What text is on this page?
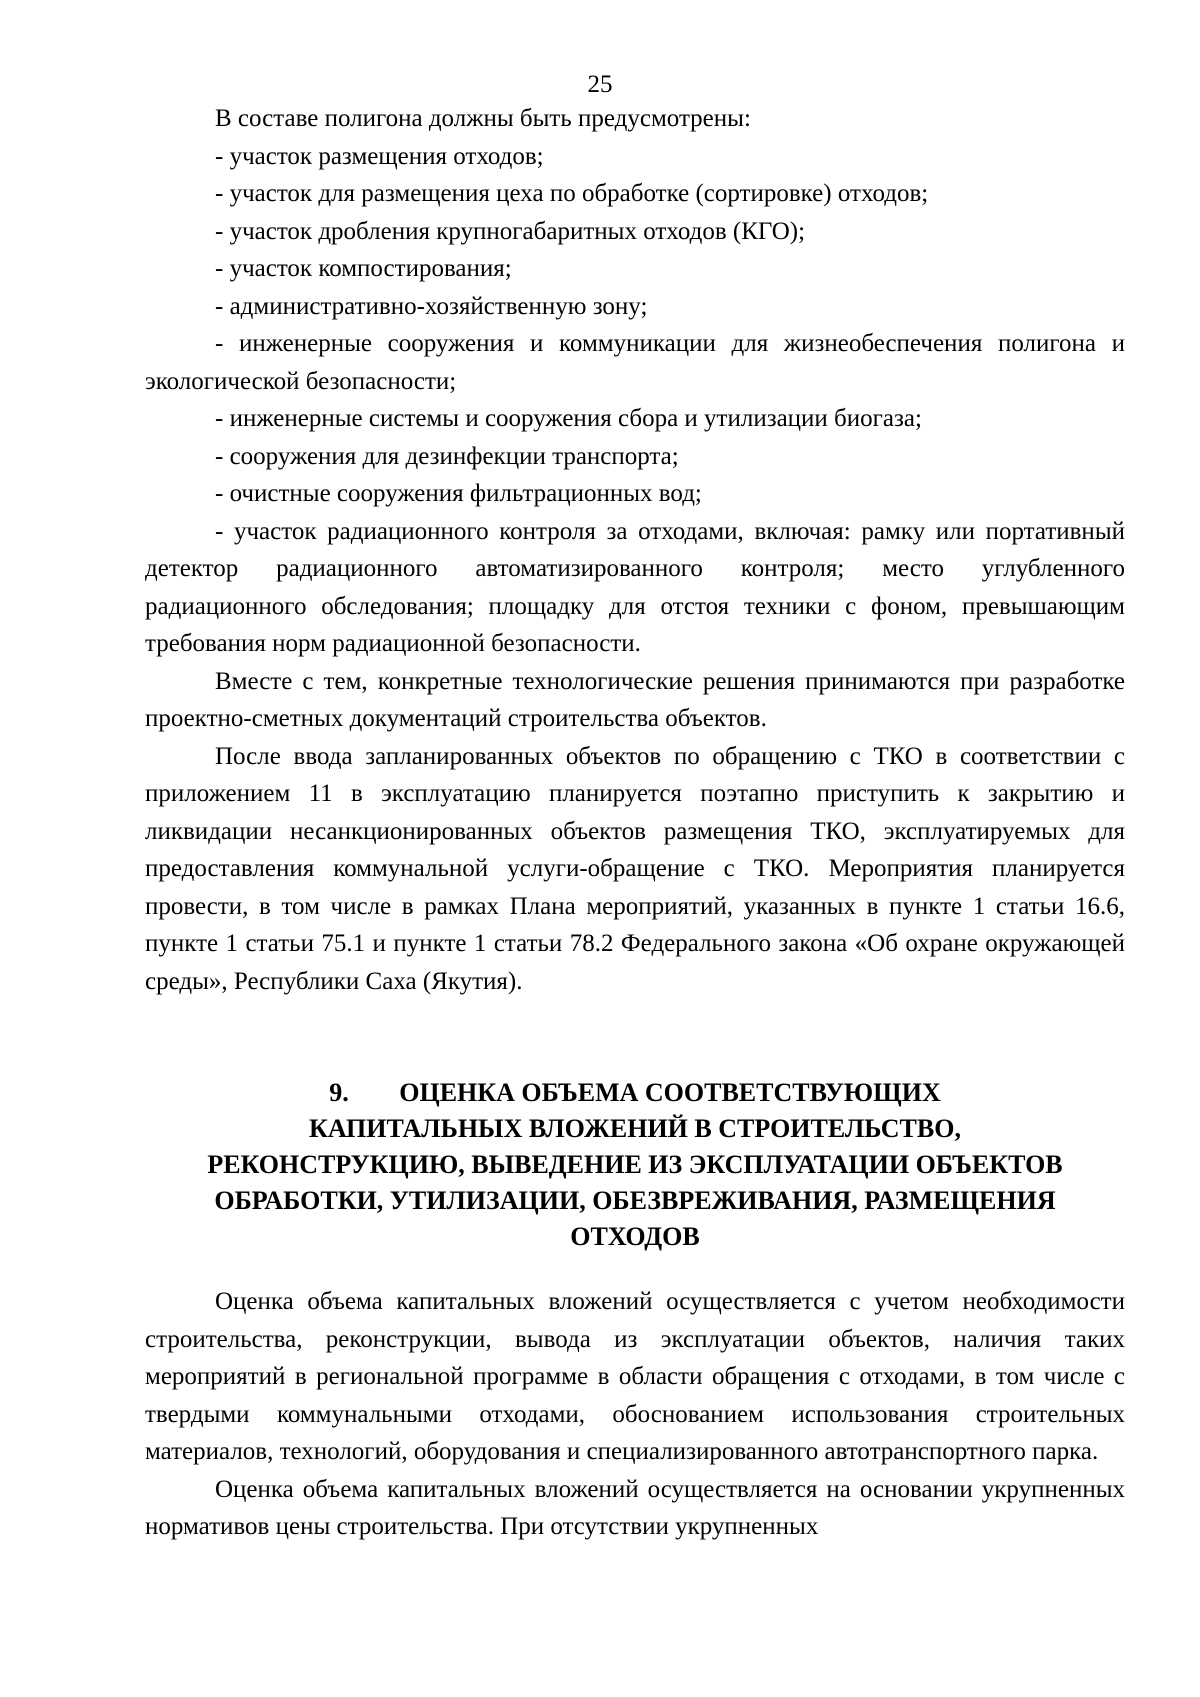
25

В составе полигона должны быть предусмотрены:

- участок размещения отходов;

- участок для размещения цеха по обработке (сортировке) отходов;

- участок дробления крупногабаритных отходов (КГО);

- участок компостирования;

- административно-хозяйственную зону;

- инженерные сооружения и коммуникации для жизнеобеспечения полигона и экологической безопасности;

- инженерные системы и сооружения сбора и утилизации биогаза;

- сооружения для дезинфекции транспорта;

- очистные сооружения фильтрационных вод;

- участок радиационного контроля за отходами, включая: рамку или портативный детектор радиационного автоматизированного контроля; место углубленного радиационного обследования; площадку для отстоя техники с фоном, превышающим требования норм радиационной безопасности.

Вместе с тем, конкретные технологические решения принимаются при разработке проектно-сметных документаций строительства объектов.

После ввода запланированных объектов по обращению с ТКО в соответствии с приложением 11 в эксплуатацию планируется поэтапно приступить к закрытию и ликвидации несанкционированных объектов размещения ТКО, эксплуатируемых для предоставления коммунальной услуги-обращение с ТКО. Мероприятия планируется провести, в том числе в рамках Плана мероприятий, указанных в пункте 1 статьи 16.6, пункте 1 статьи 75.1 и пункте 1 статьи 78.2 Федерального закона «Об охране окружающей среды», Республики Саха (Якутия).

9. ОЦЕНКА ОБЪЕМА СООТВЕТСТВУЮЩИХ
КАПИТАЛЬНЫХ ВЛОЖЕНИЙ В СТРОИТЕЛЬСТВО,
РЕКОНСТРУКЦИЮ, ВЫВЕДЕНИЕ ИЗ ЭКСПЛУАТАЦИИ ОБЪЕКТОВ
ОБРАБОТКИ, УТИЛИЗАЦИИ, ОБЕЗВРЕЖИВАНИЯ, РАЗМЕЩЕНИЯ
ОТХОДОВ

Оценка объема капитальных вложений осуществляется с учетом необходимости строительства, реконструкции, вывода из эксплуатации объектов, наличия таких мероприятий в региональной программе в области обращения с отходами, в том числе с твердыми коммунальными отходами, обоснованием использования строительных материалов, технологий, оборудования и специализированного автотранспортного парка.

Оценка объема капитальных вложений осуществляется на основании укрупненных нормативов цены строительства. При отсутствии укрупненных
